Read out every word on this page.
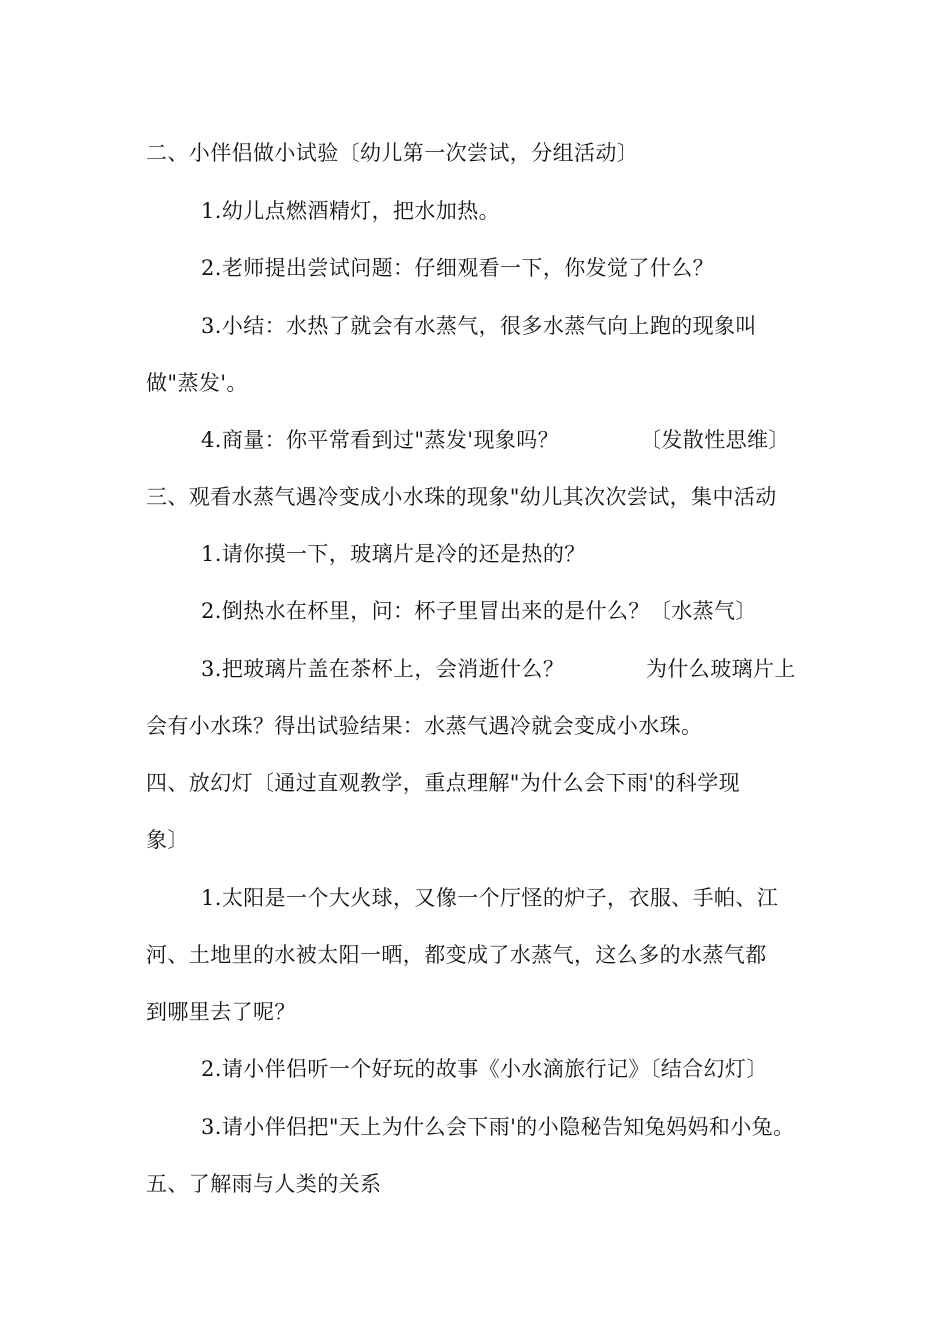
二、小伴侣做小试验〔幼儿第一次尝试，分组活动〕
1.幼儿点燃酒精灯，把水加热。
2.老师提出尝试问题：仔细观看一下，你发觉了什么？
3.小结：水热了就会有水蒸气，很多水蒸气向上跑的现象叫
做"蒸发'。
4.商量：你平常看到过"蒸发'现象吗？	〔发散性思维〕
三、观看水蒸气遇冷变成小水珠的现象"幼儿其次次尝试，集中活动
1.请你摸一下，玻璃片是冷的还是热的？
2.倒热水在杯里，问：杯子里冒出来的是什么？〔水蒸气〕
3.把玻璃片盖在茶杯上，会消逝什么？	为什么玻璃片上
会有小水珠？得出试验结果：水蒸气遇冷就会变成小水珠。
四、放幻灯〔通过直观教学，重点理解"为什么会下雨'的科学现
象〕
1.太阳是一个大火球，又像一个厅怪的炉子，衣服、手帕、江
河、土地里的水被太阳一晒，都变成了水蒸气，这么多的水蒸气都
到哪里去了呢？
2.请小伴侣听一个好玩的故事《小水滴旅行记》〔结合幻灯〕
3.请小伴侣把"天上为什么会下雨'的小隐秘告知兔妈妈和小兔。
五、了解雨与人类的关系
